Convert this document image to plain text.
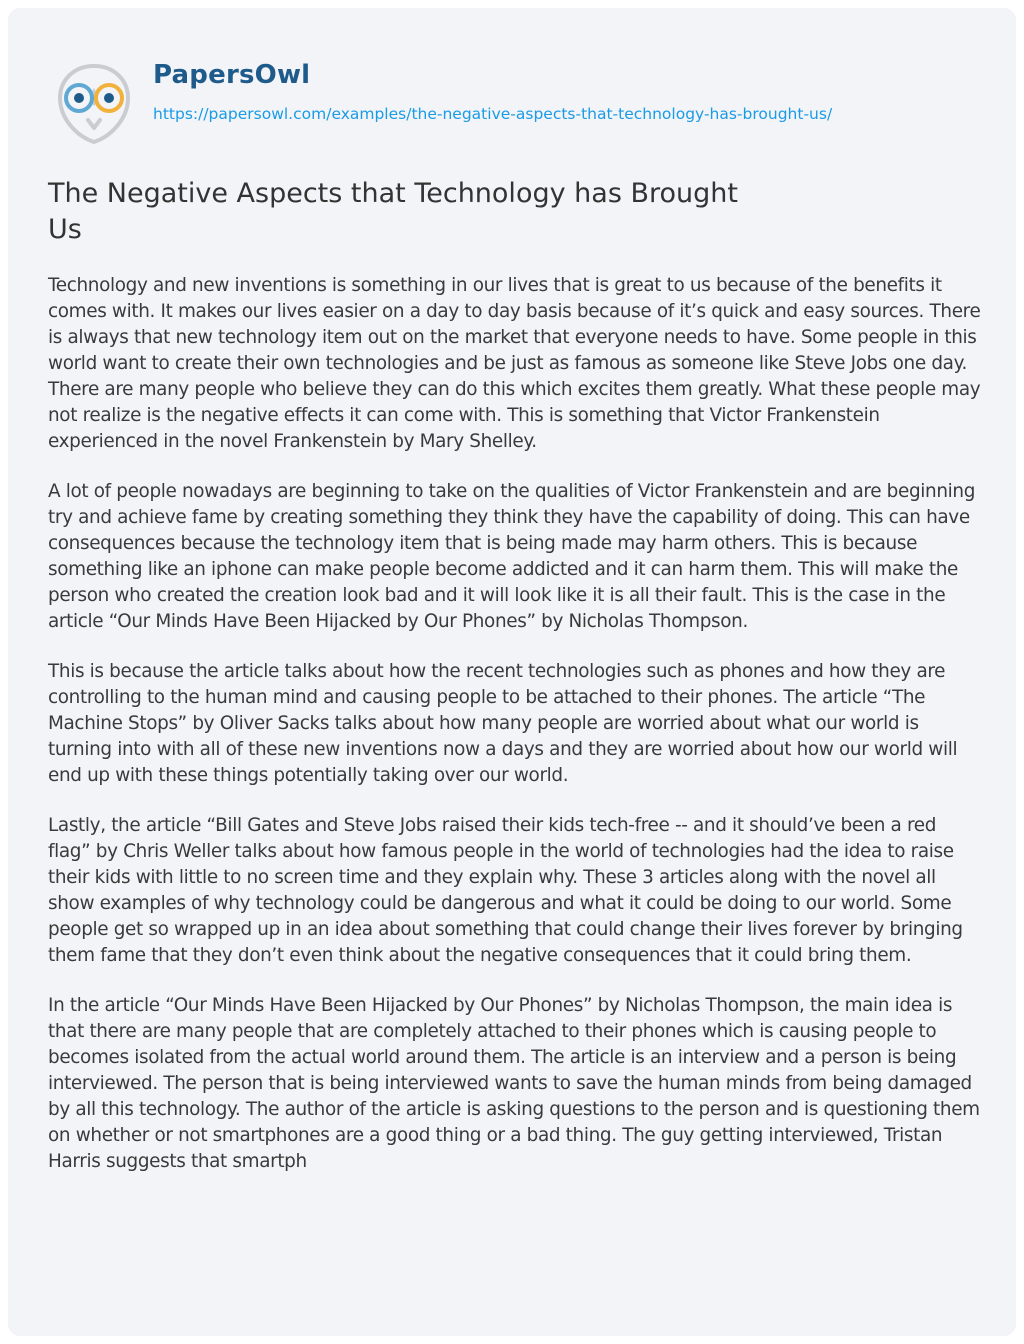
PapersOwl
https://papersowl.com/examples/the-negative-aspects-that-technology-has-brought-us/
The Negative Aspects that Technology has Brought Us

Technology and new inventions is something in our lives that is great to us because of the benefits it comes with. It makes our lives easier on a day to day basis because of it’s quick and easy sources. There is always that new technology item out on the market that everyone needs to have. Some people in this world want to create their own technologies and be just as famous as someone like Steve Jobs one day. There are many people who believe they can do this which excites them greatly. What these people may not realize is the negative effects it can come with. This is something that Victor Frankenstein experienced in the novel Frankenstein by Mary Shelley.

A lot of people nowadays are beginning to take on the qualities of Victor Frankenstein and are beginning try and achieve fame by creating something they think they have the capability of doing. This can have consequences because the technology item that is being made may harm others. This is because something like an iphone can make people become addicted and it can harm them. This will make the person who created the creation look bad and it will look like it is all their fault. This is the case in the article “Our Minds Have Been Hijacked by Our Phones” by Nicholas Thompson.

This is because the article talks about how the recent technologies such as phones and how they are controlling to the human mind and causing people to be attached to their phones. The article “The Machine Stops” by Oliver Sacks talks about how many people are worried about what our world is turning into with all of these new inventions now a days and they are worried about how our world will end up with these things potentially taking over our world.

Lastly, the article “Bill Gates and Steve Jobs raised their kids tech-free -- and it should’ve been a red flag” by Chris Weller talks about how famous people in the world of technologies had the idea to raise their kids with little to no screen time and they explain why. These 3 articles along with the novel all show examples of why technology could be dangerous and what it could be doing to our world. Some people get so wrapped up in an idea about something that could change their lives forever by bringing them fame that they don’t even think about the negative consequences that it could bring them.

In the article “Our Minds Have Been Hijacked by Our Phones” by Nicholas Thompson, the main idea is that there are many people that are completely attached to their phones which is causing people to becomes isolated from the actual world around them. The article is an interview and a person is being interviewed. The person that is being interviewed wants to save the human minds from being damaged by all this technology. The author of the article is asking questions to the person and is questioning them on whether or not smartphones are a good thing or a bad thing. The guy getting interviewed, Tristan Harris suggests that smartph
